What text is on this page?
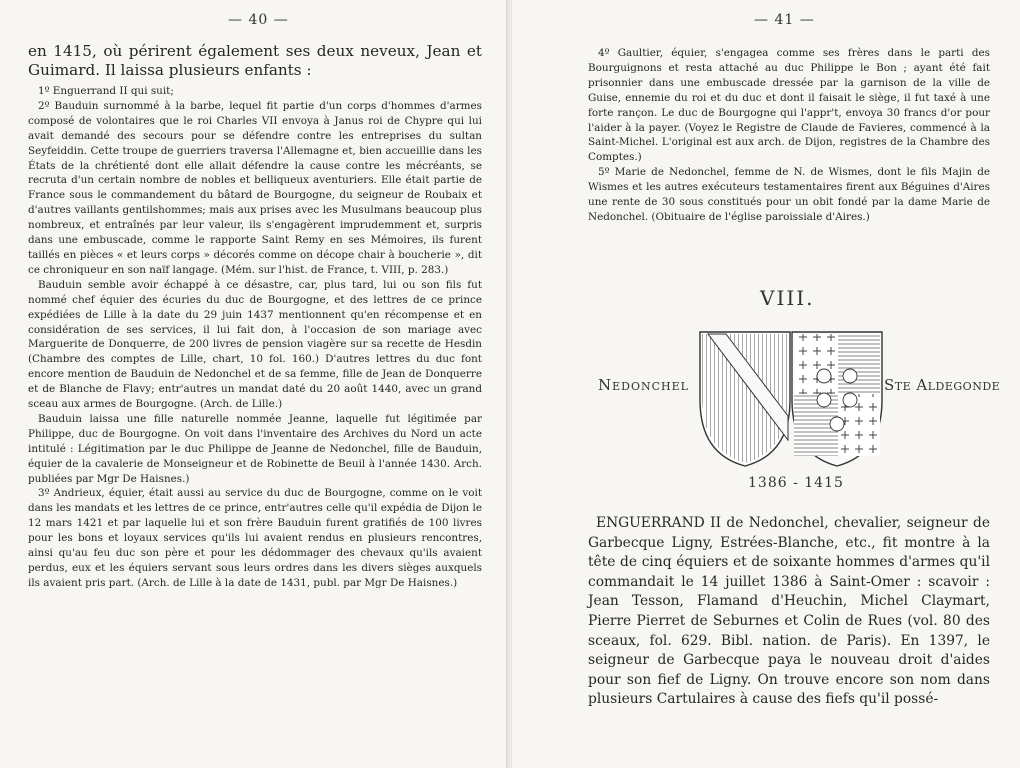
— 40 —

en 1415, où périrent également ses deux neveux, Jean et Guimard. Il laissa plusieurs enfants :

1º Enguerrand II qui suit;

2º Bauduin surnommé à la barbe, lequel fit partie d'un corps d'hommes d'armes composé de volontaires que le roi Charles VII envoya à Janus roi de Chypre qui lui avait demandé des secours pour se défendre contre les entreprises du sultan Seyfeiddin. Cette troupe de guerriers traversa l'Allemagne et, bien accueillie dans les États de la chrétienté dont elle allait défendre la cause contre les mécréants, se recruta d'un certain nombre de nobles et belliqueux aventuriers. Elle était partie de France sous le commandement du bâtard de Bourgogne, du seigneur de Roubaix et d'autres vaillants gentilshommes; mais aux prises avec les Musulmans beaucoup plus nombreux, et entraînés par leur valeur, ils s'engagèrent imprudemment et, surpris dans une embuscade, comme le rapporte Saint Remy en ses Mémoires, ils furent taillés en pièces « et leurs corps » décorés comme on décope chair à boucherie », dit ce chroniqueur en son naïf langage. (Mém. sur l'hist. de France, t. VIII, p. 283.)

Bauduin semble avoir échappé à ce désastre, car, plus tard, lui ou son fils fut nommé chef équier des écuries du duc de Bourgogne, et des lettres de ce prince expédiées de Lille à la date du 29 juin 1437 mentionnent qu'en récompense et en considération de ses services, il lui fait don, à l'occasion de son mariage avec Marguerite de Donquerre, de 200 livres de pension viagère sur sa recette de Hesdin (Chambre des comptes de Lille, chart, 10 fol. 160.) D'autres lettres du duc font encore mention de Bauduin de Nedonchel et de sa femme, fille de Jean de Donquerre et de Blanche de Flavy; entr'autres un mandat daté du 20 août 1440, avec un grand sceau aux armes de Bourgogne. (Arch. de Lille.)

Bauduin laissa une fille naturelle nommée Jeanne, laquelle fut légitimée par Philippe, duc de Bourgogne. On voit dans l'inventaire des Archives du Nord un acte intitulé : Légitimation par le duc Philippe de Jeanne de Nedonchel, fille de Bauduin, équier de la cavalerie de Monseigneur et de Robinette de Beuil à l'année 1430. Arch. publiées par Mgr De Haisnes.)

3º Andrieux, équier, était aussi au service du duc de Bourgogne, comme on le voit dans les mandats et les lettres de ce prince, entr'autres celle qu'il expédia de Dijon le 12 mars 1421 et par laquelle lui et son frère Bauduin furent gratifiés de 100 livres pour les bons et loyaux services qu'ils lui avaient rendus en plusieurs rencontres, ainsi qu'au feu duc son père et pour les dédommager des chevaux qu'ils avaient perdus, eux et les équiers servant sous leurs ordres dans les divers sièges auxquels ils avaient pris part. (Arch. de Lille à la date de 1431, publ. par Mgr De Haisnes.)

— 41 —

4º Gaultier, équier, s'engagea comme ses frères dans le parti des Bourguignons et resta attaché au duc Philippe le Bon ; ayant été fait prisonnier dans une embuscade dressée par la garnison de la ville de Guise, ennemie du roi et du duc et dont il faisait le siège, il fut taxé à une forte rançon. Le duc de Bourgogne qui l'appr't, envoya 30 francs d'or pour l'aider à la payer. (Voyez le Registre de Claude de Favieres, commencé à la Saint-Michel. L'original est aux arch. de Dijon, registres de la Chambre des Comptes.)

5º Marie de Nedonchel, femme de N. de Wismes, dont le fils Majin de Wismes et les autres exécuteurs testamentaires firent aux Béguines d'Aires une rente de 30 sous constitués pour un obit fondé par la dame Marie de Nedonchel. (Obituaire de l'église paroissiale d'Aires.)

VIII.
Nedonchel	Ste Aldegonde
1386 - 1415

ENGUERRAND II de Nedonchel, chevalier, seigneur de Garbecque Ligny, Estrées-Blanche, etc., fit montre à la tête de cinq équiers et de soixante hommes d'armes qu'il commandait le 14 juillet 1386 à Saint-Omer : scavoir : Jean Tesson, Flamand d'Heuchin, Michel Claymart, Pierre Pierret de Seburnes et Colin de Rues (vol. 80 des sceaux, fol. 629. Bibl. nation. de Paris). En 1397, le seigneur de Garbecque paya le nouveau droit d'aides pour son fief de Ligny. On trouve encore son nom dans plusieurs Cartulaires à cause des fiefs qu'il possé-
